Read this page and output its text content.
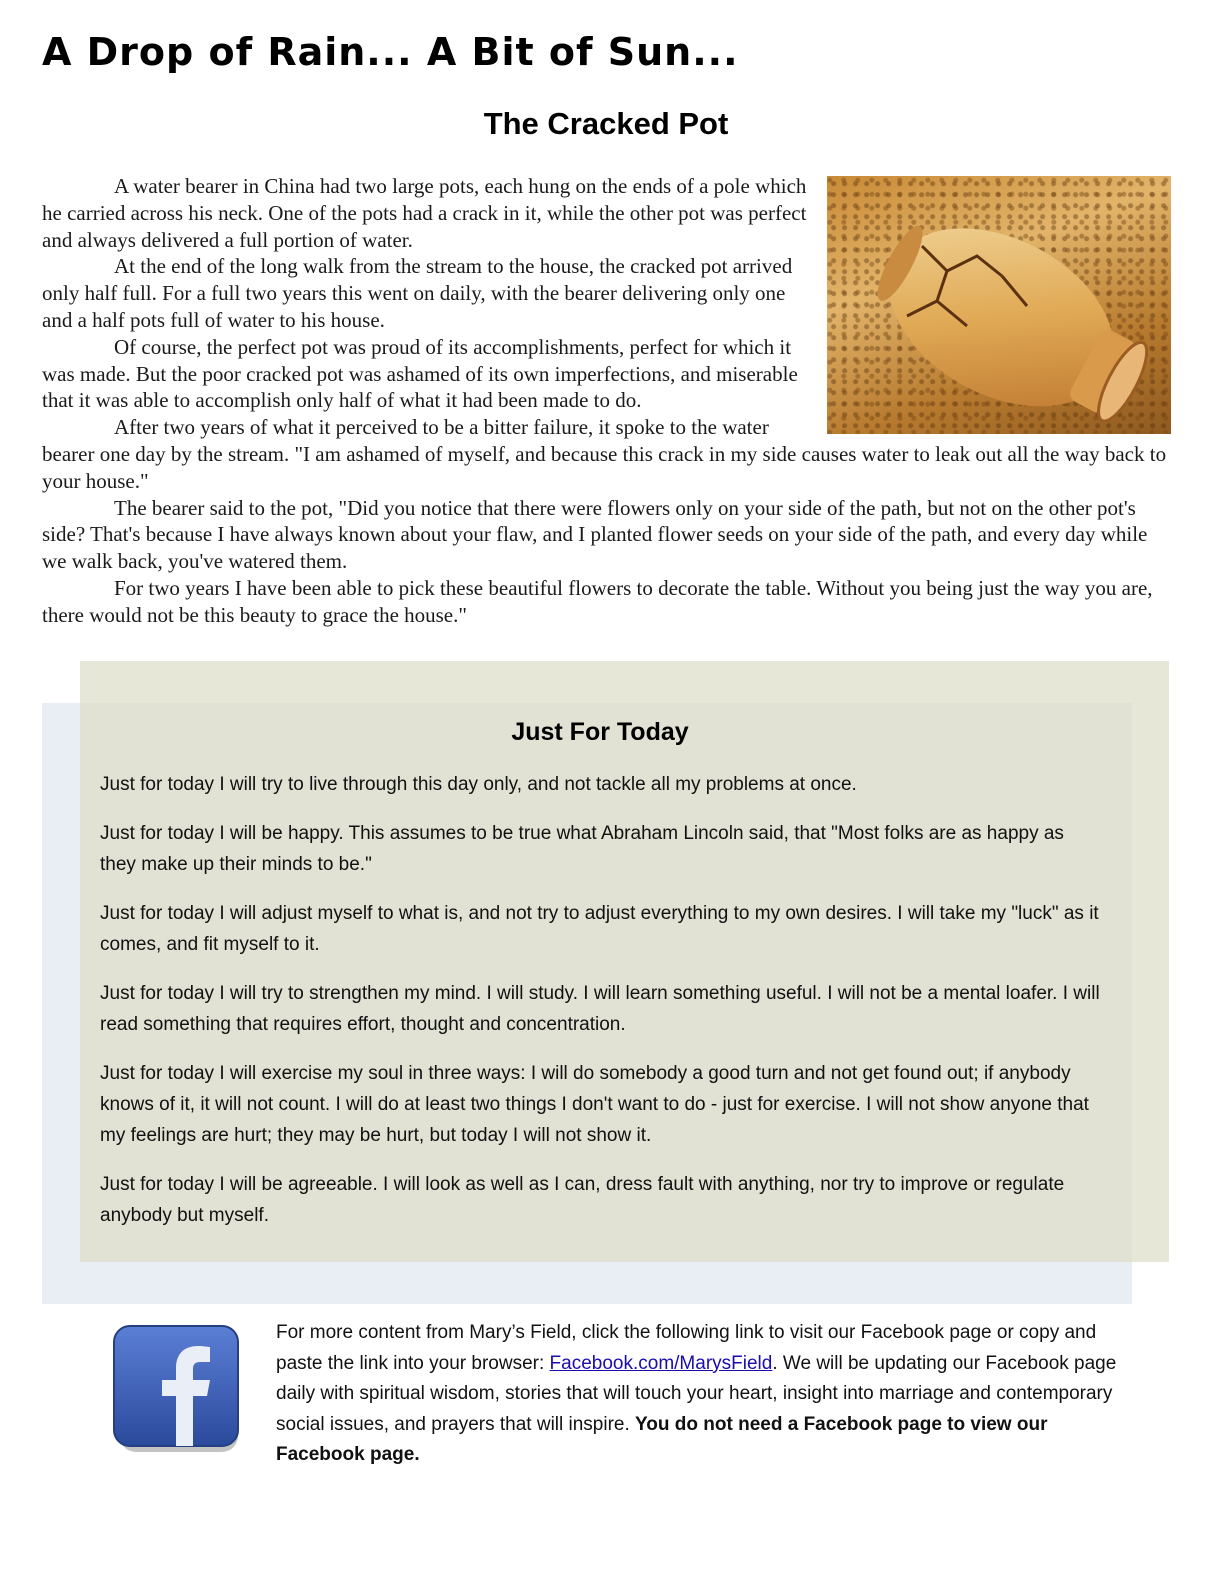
A Drop of Rain... A Bit of Sun...
The Cracked Pot

A water bearer in China had two large pots, each hung on the ends of a pole which he carried across his neck. One of the pots had a crack in it, while the other pot was perfect and always delivered a full portion of water.

At the end of the long walk from the stream to the house, the cracked pot arrived only half full. For a full two years this went on daily, with the bearer delivering only one and a half pots full of water to his house.

Of course, the perfect pot was proud of its accomplishments, perfect for which it was made. But the poor cracked pot was ashamed of its own imperfections, and miserable that it was able to accomplish only half of what it had been made to do.

After two years of what it perceived to be a bitter failure, it spoke to the water bearer one day by the stream. "I am ashamed of myself, and because this crack in my side causes water to leak out all the way back to your house."

The bearer said to the pot, "Did you notice that there were flowers only on your side of the path, but not on the other pot's side? That's because I have always known about your flaw, and I planted flower seeds on your side of the path, and every day while we walk back, you've watered them.

For two years I have been able to pick these beautiful flowers to decorate the table. Without you being just the way you are, there would not be this beauty to grace the house."

Just For Today

Just for today I will try to live through this day only, and not tackle all my problems at once.

Just for today I will be happy. This assumes to be true what Abraham Lincoln said, that "Most folks are as happy as they make up their minds to be."

Just for today I will adjust myself to what is, and not try to adjust everything to my own desires. I will take my "luck" as it comes, and fit myself to it.

Just for today I will try to strengthen my mind. I will study. I will learn something useful. I will not be a mental loafer. I will read something that requires effort, thought and concentration.

Just for today I will exercise my soul in three ways: I will do somebody a good turn and not get found out; if anybody knows of it, it will not count. I will do at least two things I don't want to do - just for exercise. I will not show anyone that my feelings are hurt; they may be hurt, but today I will not show it.

Just for today I will be agreeable. I will look as well as I can, dress fault with anything, nor try to improve or regulate anybody but myself.

For more content from Mary’s Field, click the following link to visit our Facebook page or copy and paste the link into your browser: Facebook.com/MarysField. We will be updating our Facebook page daily with spiritual wisdom, stories that will touch your heart, insight into marriage and contemporary social issues, and prayers that will inspire. You do not need a Facebook page to view our Facebook page.
